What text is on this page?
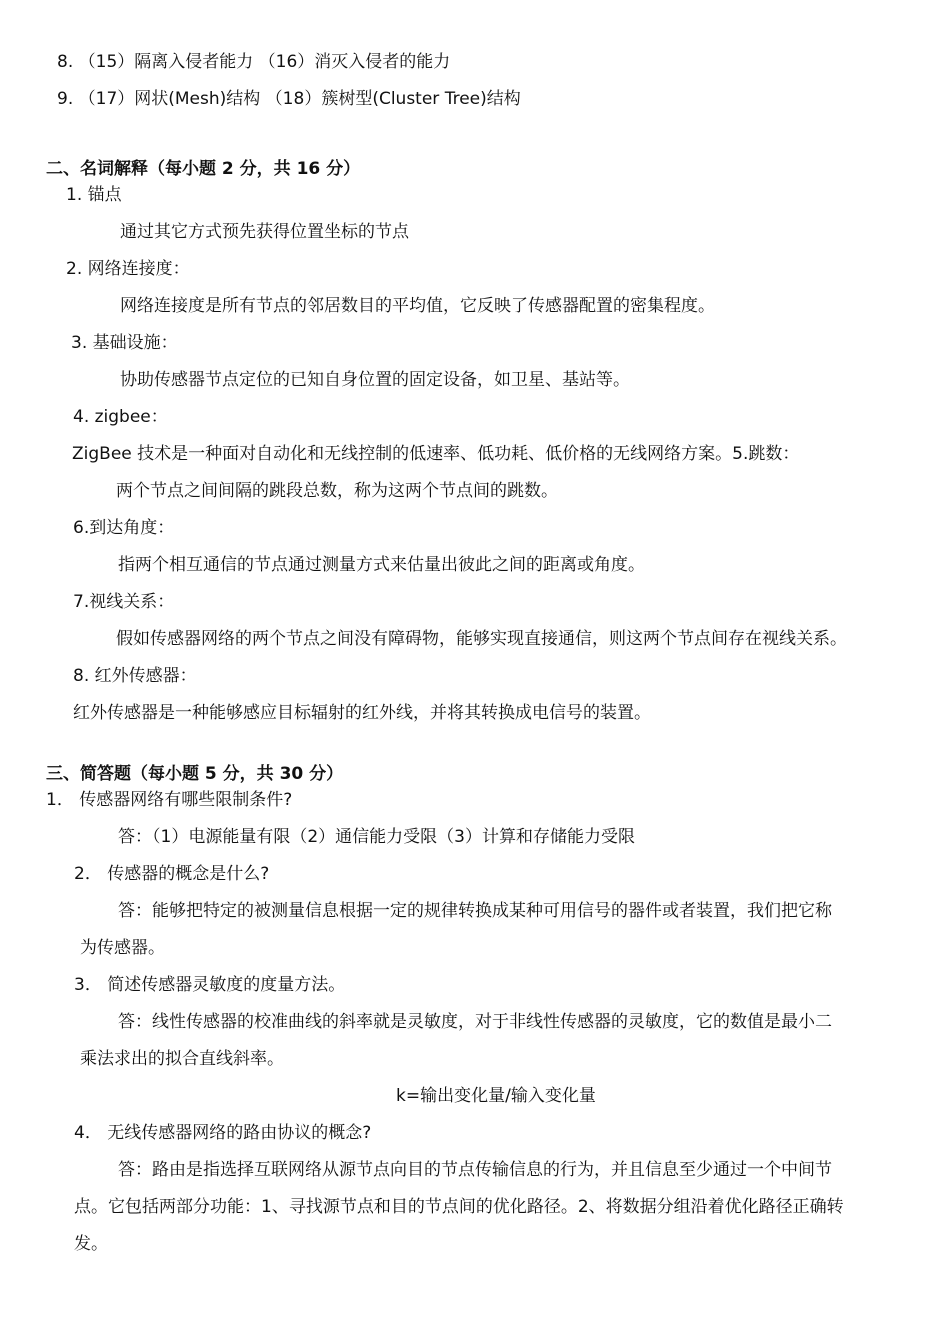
8. （15）隔离入侵者能力 （16）消灭入侵者的能力
9. （17）网状(Mesh)结构 （18）簇树型(Cluster Tree)结构
二、名词解释（每小题 2 分，共 16 分）
1. 锚点
通过其它方式预先获得位置坐标的节点
2. 网络连接度：
网络连接度是所有节点的邻居数目的平均值，它反映了传感器配置的密集程度。
3. 基础设施：
协助传感器节点定位的已知自身位置的固定设备，如卫星、基站等。
4. zigbee：
ZigBee 技术是一种面对自动化和无线控制的低速率、低功耗、低价格的无线网络方案。5.跳数：
两个节点之间间隔的跳段总数，称为这两个节点间的跳数。
6.到达角度：
指两个相互通信的节点通过测量方式来估量出彼此之间的距离或角度。
7.视线关系：
假如传感器网络的两个节点之间没有障碍物，能够实现直接通信，则这两个节点间存在视线关系。
8. 红外传感器：
红外传感器是一种能够感应目标辐射的红外线，并将其转换成电信号的装置。
三、简答题（每小题 5 分，共 30 分）
1． 传感器网络有哪些限制条件?
答：（1）电源能量有限（2）通信能力受限（3）计算和存储能力受限
2． 传感器的概念是什么?
答：能够把特定的被测量信息根据一定的规律转换成某种可用信号的器件或者装置，我们把它称
为传感器。
3． 简述传感器灵敏度的度量方法。
答：线性传感器的校准曲线的斜率就是灵敏度，对于非线性传感器的灵敏度，它的数值是最小二
乘法求出的拟合直线斜率。
k=输出变化量/输入变化量
4． 无线传感器网络的路由协议的概念?
答：路由是指选择互联网络从源节点向目的节点传输信息的行为，并且信息至少通过一个中间节
点。它包括两部分功能：1、寻找源节点和目的节点间的优化路径。2、将数据分组沿着优化路径正确转
发。
